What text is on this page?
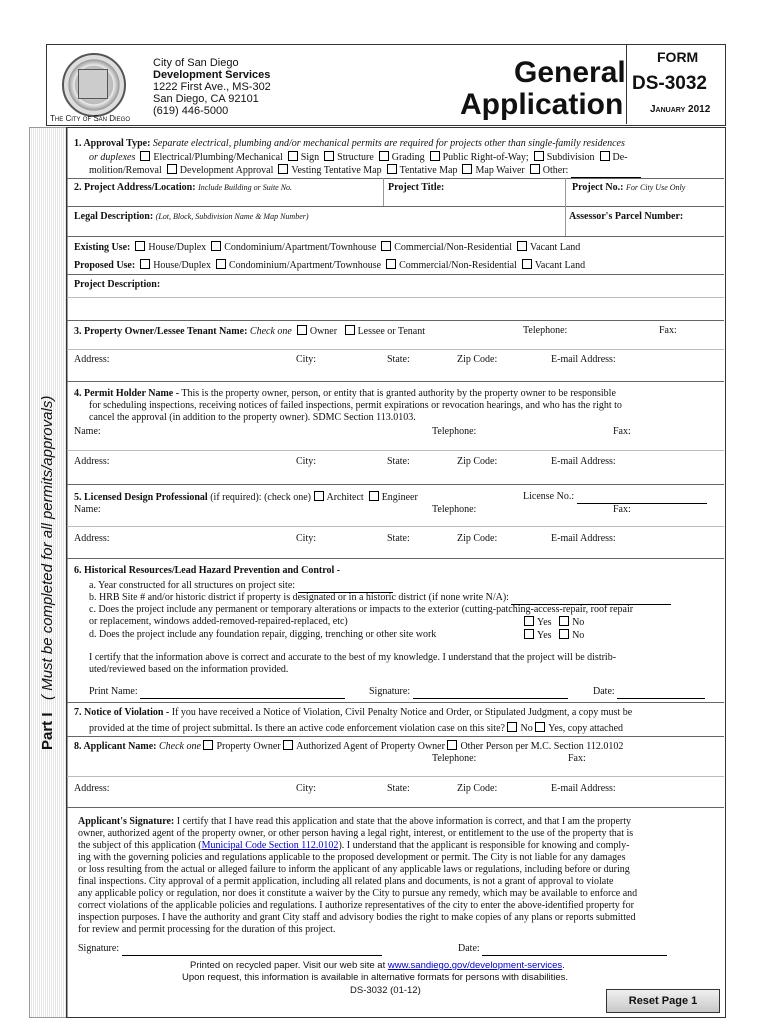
The City of San Diego
City of San Diego
Development Services
1222 First Ave., MS-302
San Diego, CA 92101
(619) 446-5000
General
Application
FORM
DS-3032
January 2012
Part I   ( Must be completed for all permits/approvals)
1. Approval Type: Separate electrical, plumbing and/or mechanical permits are required for projects other than single-family residences
or duplexes Electrical/Plumbing/Mechanical Sign Structure Grading Public Right-of-Way; Subdivision De-
molition/Removal Development Approval Vesting Tentative Map Tentative Map Map Waiver Other:
2. Project Address/Location: Include Building or Suite No.	Project Title:	Project No.: For City Use Only
Legal Description: (Lot, Block, Subdivision Name & Map Number)	Assessor's Parcel Number:
Existing Use: House/Duplex Condominium/Apartment/Townhouse Commercial/Non-Residential Vacant Land
Proposed Use: House/Duplex Condominium/Apartment/Townhouse Commercial/Non-Residential Vacant Land
Project Description:
3. Property Owner/Lessee Tenant Name: Check one Owner Lessee or Tenant	Telephone:	Fax:
Address:	City:	State:	Zip Code:	E-mail Address:
4. Permit Holder Name - This is the property owner, person, or entity that is granted authority by the property owner to be responsible
for scheduling inspections, receiving notices of failed inspections, permit expirations or revocation hearings, and who has the right to
cancel the approval (in addition to the property owner). SDMC Section 113.0103.
Name:	Telephone:	Fax:
Address:	City:	State:	Zip Code:	E-mail Address:
5. Licensed Design Professional (if required): (check one) Architect Engineer	License No.:
Name:	Telephone:	Fax:
Address:	City:	State:	Zip Code:	E-mail Address:
6. Historical Resources/Lead Hazard Prevention and Control -
a. Year constructed for all structures on project site:
b. HRB Site # and/or historic district if property is designated or in a historic district (if none write N/A):
c. Does the project include any permanent or temporary alterations or impacts to the exterior (cutting-patching-access-repair, roof repair
or replacement, windows added-removed-repaired-replaced, etc)	Yes No
d. Does the project include any foundation repair, digging, trenching or other site work	Yes No
I certify that the information above is correct and accurate to the best of my knowledge. I understand that the project will be distrib-
uted/reviewed based on the information provided.
Print Name:	Signature:	Date:
7. Notice of Violation - If you have received a Notice of Violation, Civil Penalty Notice and Order, or Stipulated Judgment, a copy must be
provided at the time of project submittal. Is there an active code enforcement violation case on this site? No Yes, copy attached
8. Applicant Name: Check one Property Owner Authorized Agent of Property Owner Other Person per M.C. Section 112.0102
Telephone:	Fax:
Address:	City:	State:	Zip Code:	E-mail Address:
Applicant's Signature: I certify that I have read this application and state that the above information is correct, and that I am the property
owner, authorized agent of the property owner, or other person having a legal right, interest, or entitlement to the use of the property that is
the subject of this application (Municipal Code Section 112.0102). I understand that the applicant is responsible for knowing and comply-
ing with the governing policies and regulations applicable to the proposed development or permit. The City is not liable for any damages
or loss resulting from the actual or alleged failure to inform the applicant of any applicable laws or regulations, including before or during
final inspections. City approval of a permit application, including all related plans and documents, is not a grant of approval to violate
any applicable policy or regulation, nor does it constitute a waiver by the City to pursue any remedy, which may be available to enforce and
correct violations of the applicable policies and regulations. I authorize representatives of the city to enter the above-identified property for
inspection purposes. I have the authority and grant City staff and advisory bodies the right to make copies of any plans or reports submitted
for review and permit processing for the duration of this project.
Signature:	Date:
Printed on recycled paper. Visit our web site at www.sandiego.gov/development-services.
Upon request, this information is available in alternative formats for persons with disabilities.
DS-3032 (01-12)
Reset Page 1
